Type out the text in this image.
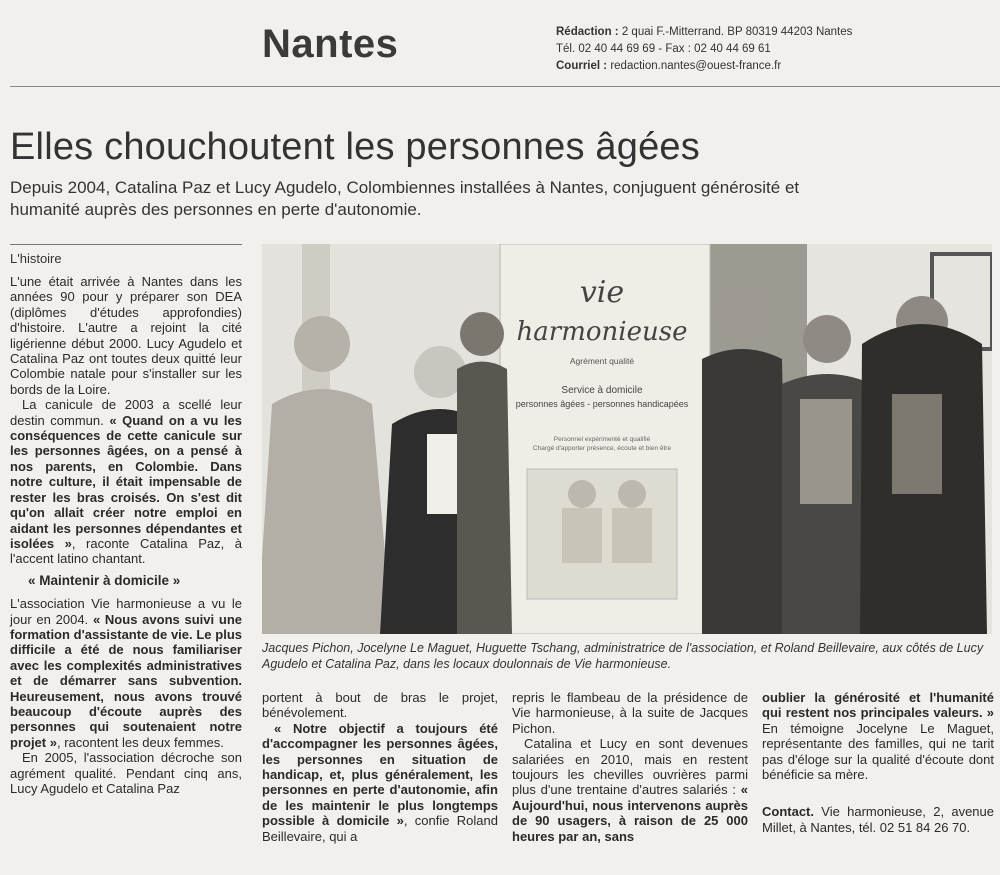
Nantes	Rédaction : 2 quai F.-Mitterrand. BP 80319 44203 Nantes
Tél. 02 40 44 69 69 - Fax : 02 40 44 69 61
Courriel : redaction.nantes@ouest-france.fr
Elles chouchoutent les personnes âgées
Depuis 2004, Catalina Paz et Lucy Agudelo, Colombiennes installées à Nantes, conjuguent générosité et humanité auprès des personnes en perte d'autonomie.
L'histoire

L'une était arrivée à Nantes dans les années 90 pour y préparer son DEA (diplômes d'études approfondies) d'histoire. L'autre a rejoint la cité ligérienne début 2000. Lucy Agudelo et Catalina Paz ont toutes deux quitté leur Colombie natale pour s'installer sur les bords de la Loire.

La canicule de 2003 a scellé leur destin commun. « Quand on a vu les conséquences de cette canicule sur les personnes âgées, on a pensé à nos parents, en Colombie. Dans notre culture, il était impensable de rester les bras croisés. On s'est dit qu'on allait créer notre emploi en aidant les personnes dépendantes et isolées », raconte Catalina Paz, à l'accent latino chantant.

« Maintenir à domicile »

L'association Vie harmonieuse a vu le jour en 2004. « Nous avons suivi une formation d'assistante de vie. Le plus difficile a été de nous familiariser avec les complexités administratives et de démarrer sans subvention. Heureusement, nous avons trouvé beaucoup d'écoute auprès des personnes qui soutenaient notre projet », racontent les deux femmes.

En 2005, l'association décroche son agrément qualité. Pendant cinq ans, Lucy Agudelo et Catalina Paz

vie
harmonieuse
Agrément qualité
Service à domicile
personnes âgées - personnes handicapées
Personnel expérimenté et qualifié
Chargé d'apporter présence, écoute et bien être
Jacques Pichon, Jocelyne Le Maguet, Huguette Tschang, administratrice de l'association, et Roland Beillevaire, aux côtés de Lucy Agudelo et Catalina Paz, dans les locaux doulonnais de Vie harmonieuse.

portent à bout de bras le projet, bénévolement.

« Notre objectif a toujours été d'accompagner les personnes âgées, les personnes en situation de handicap, et, plus généralement, les personnes en perte d'autonomie, afin de les maintenir le plus longtemps possible à domicile », confie Roland Beillevaire, qui a

repris le flambeau de la présidence de Vie harmonieuse, à la suite de Jacques Pichon.

Catalina et Lucy en sont devenues salariées en 2010, mais en restent toujours les chevilles ouvrières parmi plus d'une trentaine d'autres salariés : « Aujourd'hui, nous intervenons auprès de 90 usagers, à raison de 25 000 heures par an, sans

oublier la générosité et l'humanité qui restent nos principales valeurs. » En témoigne Jocelyne Le Maguet, représentante des familles, qui ne tarit pas d'éloge sur la qualité d'écoute dont bénéficie sa mère.

Contact. Vie harmonieuse, 2, avenue Millet, à Nantes, tél. 02 51 84 26 70.
